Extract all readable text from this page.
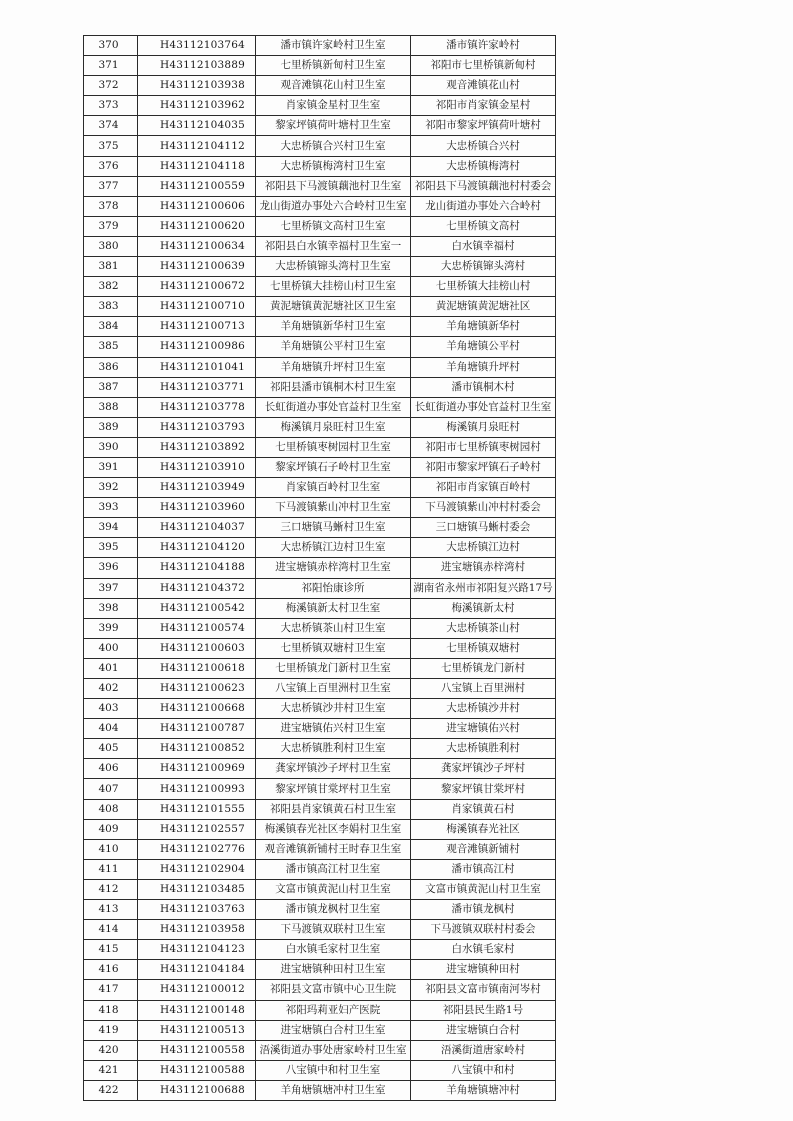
370	H43112103764	潘市镇许家岭村卫生室	潘市镇许家岭村
371	H43112103889	七里桥镇新甸村卫生室	祁阳市七里桥镇新甸村
372	H43112103938	观音滩镇花山村卫生室	观音滩镇花山村
373	H43112103962	肖家镇金星村卫生室	祁阳市肖家镇金星村
374	H43112104035	黎家坪镇荷叶塘村卫生室	祁阳市黎家坪镇荷叶塘村
375	H43112104112	大忠桥镇合兴村卫生室	大忠桥镇合兴村
376	H43112104118	大忠桥镇梅湾村卫生室	大忠桥镇梅湾村
377	H43112100559	祁阳县下马渡镇藕池村卫生室	祁阳县下马渡镇藕池村村委会
378	H43112100606	龙山街道办事处六合岭村卫生室	龙山街道办事处六合岭村
379	H43112100620	七里桥镇文高村卫生室	七里桥镇文高村
380	H43112100634	祁阳县白水镇幸福村卫生室一	白水镇幸福村
381	H43112100639	大忠桥镇镩头湾村卫生室	大忠桥镇镩头湾村
382	H43112100672	七里桥镇大挂榜山村卫生室	七里桥镇大挂榜山村
383	H43112100710	黄泥塘镇黄泥塘社区卫生室	黄泥塘镇黄泥塘社区
384	H43112100713	羊角塘镇新华村卫生室	羊角塘镇新华村
385	H43112100986	羊角塘镇公平村卫生室	羊角塘镇公平村
386	H43112101041	羊角塘镇升坪村卫生室	羊角塘镇升坪村
387	H43112103771	祁阳县潘市镇桐木村卫生室	潘市镇桐木村
388	H43112103778	长虹街道办事处官益村卫生室	长虹街道办事处官益村卫生室
389	H43112103793	梅溪镇月泉旺村卫生室	梅溪镇月泉旺村
390	H43112103892	七里桥镇枣树园村卫生室	祁阳市七里桥镇枣树园村
391	H43112103910	黎家坪镇石子岭村卫生室	祁阳市黎家坪镇石子岭村
392	H43112103949	肖家镇百岭村卫生室	祁阳市肖家镇百岭村
393	H43112103960	下马渡镇紫山冲村卫生室	下马渡镇紫山冲村村委会
394	H43112104037	三口塘镇马蜥村卫生室	三口塘镇马蜥村委会
395	H43112104120	大忠桥镇江边村卫生室	大忠桥镇江边村
396	H43112104188	进宝塘镇赤梓湾村卫生室	进宝塘镇赤梓湾村
397	H43112104372	祁阳怡康诊所	湖南省永州市祁阳复兴路17号
398	H43112100542	梅溪镇新太村卫生室	梅溪镇新太村
399	H43112100574	大忠桥镇茶山村卫生室	大忠桥镇茶山村
400	H43112100603	七里桥镇双塘村卫生室	七里桥镇双塘村
401	H43112100618	七里桥镇龙门新村卫生室	七里桥镇龙门新村
402	H43112100623	八宝镇上百里洲村卫生室	八宝镇上百里洲村
403	H43112100668	大忠桥镇沙井村卫生室	大忠桥镇沙井村
404	H43112100787	进宝塘镇佑兴村卫生室	进宝塘镇佑兴村
405	H43112100852	大忠桥镇胜利村卫生室	大忠桥镇胜利村
406	H43112100969	龚家坪镇沙子坪村卫生室	龚家坪镇沙子坪村
407	H43112100993	黎家坪镇甘棠坪村卫生室	黎家坪镇甘棠坪村
408	H43112101555	祁阳县肖家镇黄石村卫生室	肖家镇黄石村
409	H43112102557	梅溪镇春光社区李娟村卫生室	梅溪镇春光社区
410	H43112102776	观音滩镇新铺村王时春卫生室	观音滩镇新铺村
411	H43112102904	潘市镇高江村卫生室	潘市镇高江村
412	H43112103485	文富市镇黄泥山村卫生室	文富市镇黄泥山村卫生室
413	H43112103763	潘市镇龙枫村卫生室	潘市镇龙枫村
414	H43112103958	下马渡镇双联村卫生室	下马渡镇双联村村委会
415	H43112104123	白水镇毛家村卫生室	白水镇毛家村
416	H43112104184	进宝塘镇种田村卫生室	进宝塘镇种田村
417	H43112100012	祁阳县文富市镇中心卫生院	祁阳县文富市镇南河岑村
418	H43112100148	祁阳玛莉亚妇产医院	祁阳县民生路1号
419	H43112100513	进宝塘镇白合村卫生室	进宝塘镇白合村
420	H43112100558	浯溪街道办事处唐家岭村卫生室	浯溪街道唐家岭村
421	H43112100588	八宝镇中和村卫生室	八宝镇中和村
422	H43112100688	羊角塘镇塘冲村卫生室	羊角塘镇塘冲村
